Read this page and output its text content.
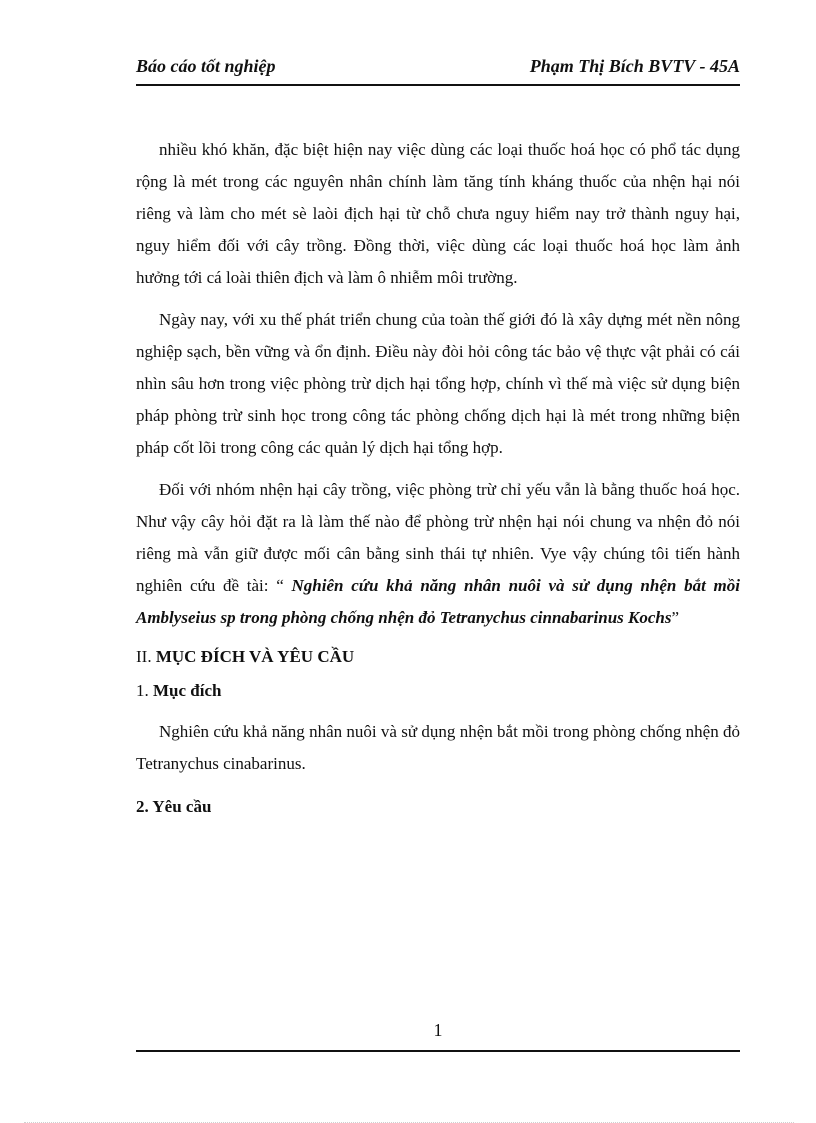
Báo cáo tốt nghiệp	Phạm Thị Bích BVTV - 45A

nhiều khó khăn, đặc biệt hiện nay việc dùng các loại thuốc hoá học có phổ tác dụng rộng là mét trong các nguyên nhân chính làm tăng tính kháng thuốc của nhện hại nói riêng và làm cho mét sè laòi địch hại từ chỗ chưa nguy hiểm nay trở thành nguy hại, nguy hiểm đối với cây trồng. Đồng thời, việc dùng các loại thuốc hoá học làm ảnh hưởng tới cá loài thiên địch và làm ô nhiễm môi trường.

Ngày nay, với xu thế phát triển chung của toàn thế giới đó là xây dựng mét nền nông nghiệp sạch, bền vững và ổn định. Điều này đòi hỏi công tác bảo vệ thực vật phải có cái nhìn sâu hơn trong việc phòng trừ dịch hại tổng hợp, chính vì thế mà việc sử dụng biện pháp phòng trừ sinh học trong công tác phòng chống dịch hại là mét trong những biện pháp cốt lõi trong công các quản lý dịch hại tổng hợp.

Đối với nhóm nhện hại cây trồng, việc phòng trừ chỉ yếu vẫn là bằng thuốc hoá học. Như vậy cây hỏi đặt ra là làm thế nào để phòng trừ nhện hại nói chung va nhện đỏ nói riêng mà vẫn giữ được mối cân bằng sinh thái tự nhiên. Vye vậy chúng tôi tiến hành nghiên cứu đề tài: “ Nghiên cứu khả năng nhân nuôi và sử dụng nhện bắt mồi Amblyseius sp trong phòng chống nhện đỏ Tetranychus cinnabarinus Kochs”

II. MỤC ĐÍCH VÀ YÊU CẦU
1. Mục đích

Nghiên cứu khả năng nhân nuôi và sử dụng nhện bắt mồi trong phòng chống nhện đỏ Tetranychus cinabarinus.

2. Yêu cầu
1
